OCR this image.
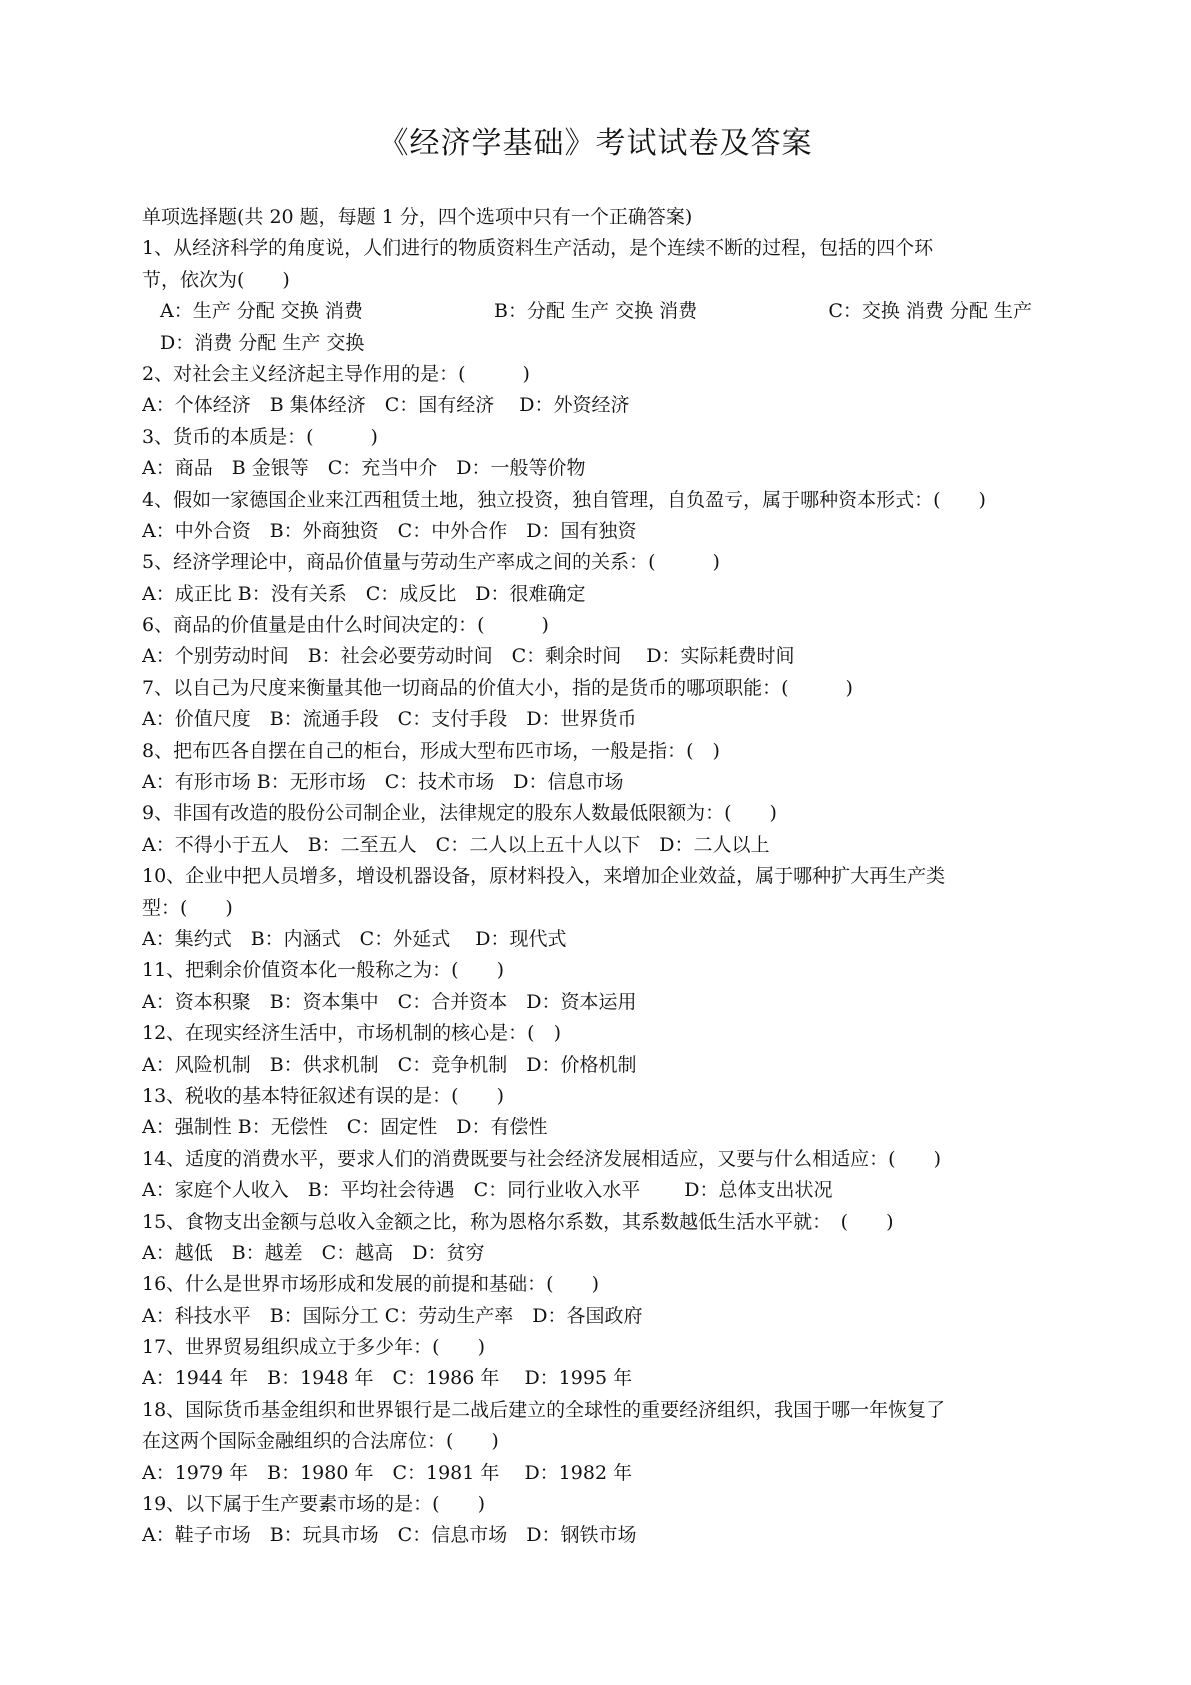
《经济学基础》考试试卷及答案
单项选择题(共 20 题，每题 1 分，四个选项中只有一个正确答案)
1、从经济科学的角度说，人们进行的物质资料生产活动，是个连续不断的过程，包括的四个环
节，依次为(　　)
A：生产 分配 交换 消费	B：分配 生产 交换 消费	C：交换 消费 分配 生产
D：消费 分配 生产 交换
2、对社会主义经济起主导作用的是：(　　　)
A：个体经济　B 集体经济　C：国有经济　 D：外资经济
3、货币的本质是：(　　　)
A：商品　B 金银等　C：充当中介　D：一般等价物
4、假如一家德国企业来江西租赁土地，独立投资，独自管理，自负盈亏，属于哪种资本形式：(　　)
A：中外合资　B：外商独资　C：中外合作　D：国有独资
5、经济学理论中，商品价值量与劳动生产率成之间的关系：(　　　)
A：成正比 B：没有关系　C：成反比　D：很难确定
6、商品的价值量是由什么时间决定的：(　　　)
A：个别劳动时间　B：社会必要劳动时间　C：剩余时间　 D：实际耗费时间
7、以自己为尺度来衡量其他一切商品的价值大小，指的是货币的哪项职能：(　　　)
A：价值尺度　B：流通手段　C：支付手段　D：世界货币
8、把布匹各自摆在自己的柜台，形成大型布匹市场，一般是指：(　)
A：有形市场 B：无形市场　C：技术市场　D：信息市场
9、非国有改造的股份公司制企业，法律规定的股东人数最低限额为：(　　)
A：不得小于五人　B：二至五人　C：二人以上五十人以下　D：二人以上
10、企业中把人员增多，增设机器设备，原材料投入，来增加企业效益，属于哪种扩大再生产类
型：(　　)
A：集约式　B：内涵式　C：外延式　 D：现代式
11、把剩余价值资本化一般称之为：(　　)
A：资本积聚　B：资本集中　C：合并资本　D：资本运用
12、在现实经济生活中，市场机制的核心是：(　)
A：风险机制　B：供求机制　C：竞争机制　D：价格机制
13、税收的基本特征叙述有误的是：(　　)
A：强制性 B：无偿性　C：固定性　D：有偿性
14、适度的消费水平，要求人们的消费既要与社会经济发展相适应，又要与什么相适应：(　　)
A：家庭个人收入　B：平均社会待遇　C：同行业收入水平　　 D：总体支出状况
15、食物支出金额与总收入金额之比，称为恩格尔系数，其系数越低生活水平就：　(　　)
A：越低　B：越差　C：越高　D：贫穷
16、什么是世界市场形成和发展的前提和基础：(　　)
A：科技水平　B：国际分工 C：劳动生产率　D：各国政府
17、世界贸易组织成立于多少年：(　　)
A：1944 年　B：1948 年　C：1986 年　 D：1995 年
18、国际货币基金组织和世界银行是二战后建立的全球性的重要经济组织，我国于哪一年恢复了
在这两个国际金融组织的合法席位：(　　)
A：1979 年　B：1980 年　C：1981 年　 D：1982 年
19、以下属于生产要素市场的是：(　　)
A：鞋子市场　B：玩具市场　C：信息市场　D：钢铁市场
